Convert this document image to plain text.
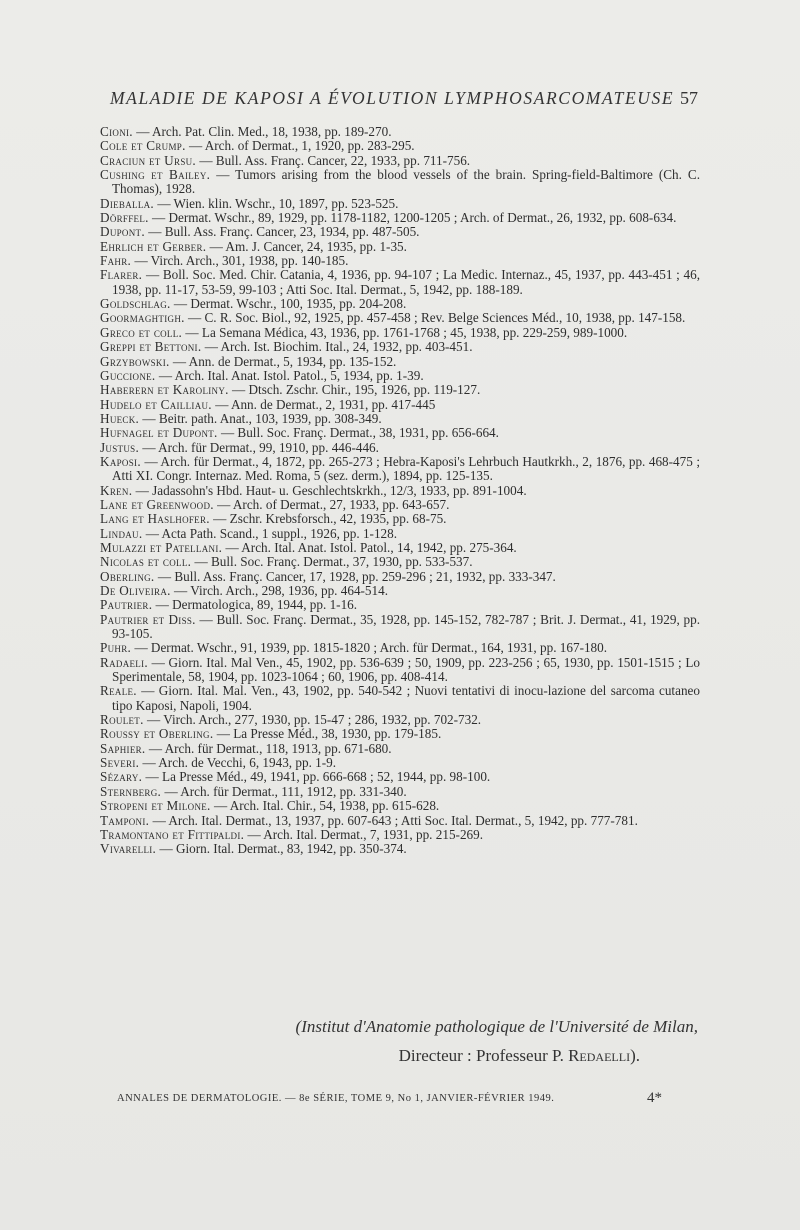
MALADIE DE KAPOSI A ÉVOLUTION LYMPHOSARCOMATEUSE 57
Cioni. — Arch. Pat. Clin. Med., 18, 1938, pp. 189-270.
Cole et Crump. — Arch. of Dermat., 1, 1920, pp. 283-295.
Craciun et Ursu. — Bull. Ass. Franç. Cancer, 22, 1933, pp. 711-756.
Cushing et Bailey. — Tumors arising from the blood vessels of the brain. Spring-field-Baltimore (Ch. C. Thomas), 1928.
Dieballa. — Wien. klin. Wschr., 10, 1897, pp. 523-525.
Dörffel. — Dermat. Wschr., 89, 1929, pp. 1178-1182, 1200-1205 ; Arch. of Dermat., 26, 1932, pp. 608-634.
Dupont. — Bull. Ass. Franç. Cancer, 23, 1934, pp. 487-505.
Ehrlich et Gerber. — Am. J. Cancer, 24, 1935, pp. 1-35.
Fahr. — Virch. Arch., 301, 1938, pp. 140-185.
Flarer. — Boll. Soc. Med. Chir. Catania, 4, 1936, pp. 94-107 ; La Medic. Internaz., 45, 1937, pp. 443-451 ; 46, 1938, pp. 11-17, 53-59, 99-103 ; Atti Soc. Ital. Dermat., 5, 1942, pp. 188-189.
Goldschlag. — Dermat. Wschr., 100, 1935, pp. 204-208.
Goormaghtigh. — C. R. Soc. Biol., 92, 1925, pp. 457-458 ; Rev. Belge Sciences Méd., 10, 1938, pp. 147-158.
Greco et coll. — La Semana Médica, 43, 1936, pp. 1761-1768 ; 45, 1938, pp. 229-259, 989-1000.
Greppi et Bettoni. — Arch. Ist. Biochim. Ital., 24, 1932, pp. 403-451.
Grzybowski. — Ann. de Dermat., 5, 1934, pp. 135-152.
Guccione. — Arch. Ital. Anat. Istol. Patol., 5, 1934, pp. 1-39.
Haberern et Karoliny. — Dtsch. Zschr. Chir., 195, 1926, pp. 119-127.
Hudelo et Cailliau. — Ann. de Dermat., 2, 1931, pp. 417-445
Hueck. — Beitr. path. Anat., 103, 1939, pp. 308-349.
Hufnagel et Dupont. — Bull. Soc. Franç. Dermat., 38, 1931, pp. 656-664.
Justus. — Arch. für Dermat., 99, 1910, pp. 446-446.
Kaposi. — Arch. für Dermat., 4, 1872, pp. 265-273 ; Hebra-Kaposi's Lehrbuch Hautkrkh., 2, 1876, pp. 468-475 ; Atti XI. Congr. Internaz. Med. Roma, 5 (sez. derm.), 1894, pp. 125-135.
Kren. — Jadassohn's Hbd. Haut- u. Geschlechtskrkh., 12/3, 1933, pp. 891-1004.
Lane et Greenwood. — Arch. of Dermat., 27, 1933, pp. 643-657.
Lang et Haslhofer. — Zschr. Krebsforsch., 42, 1935, pp. 68-75.
Lindau. — Acta Path. Scand., 1 suppl., 1926, pp. 1-128.
Mulazzi et Patellani. — Arch. Ital. Anat. Istol. Patol., 14, 1942, pp. 275-364.
Nicolas et coll. — Bull. Soc. Franç. Dermat., 37, 1930, pp. 533-537.
Oberling. — Bull. Ass. Franç. Cancer, 17, 1928, pp. 259-296 ; 21, 1932, pp. 333-347.
De Oliveira. — Virch. Arch., 298, 1936, pp. 464-514.
Pautrier. — Dermatologica, 89, 1944, pp. 1-16.
Pautrier et Diss. — Bull. Soc. Franç. Dermat., 35, 1928, pp. 145-152, 782-787 ; Brit. J. Dermat., 41, 1929, pp. 93-105.
Puhr. — Dermat. Wschr., 91, 1939, pp. 1815-1820 ; Arch. für Dermat., 164, 1931, pp. 167-180.
Radaeli. — Giorn. Ital. Mal Ven., 45, 1902, pp. 536-639 ; 50, 1909, pp. 223-256 ; 65, 1930, pp. 1501-1515 ; Lo Sperimentale, 58, 1904, pp. 1023-1064 ; 60, 1906, pp. 408-414.
Reale. — Giorn. Ital. Mal. Ven., 43, 1902, pp. 540-542 ; Nuovi tentativi di inocu-lazione del sarcoma cutaneo tipo Kaposi, Napoli, 1904.
Roulet. — Virch. Arch., 277, 1930, pp. 15-47 ; 286, 1932, pp. 702-732.
Roussy et Oberling. — La Presse Méd., 38, 1930, pp. 179-185.
Saphier. — Arch. für Dermat., 118, 1913, pp. 671-680.
Severi. — Arch. de Vecchi, 6, 1943, pp. 1-9.
Sézary. — La Presse Méd., 49, 1941, pp. 666-668 ; 52, 1944, pp. 98-100.
Sternberg. — Arch. für Dermat., 111, 1912, pp. 331-340.
Stropeni et Milone. — Arch. Ital. Chir., 54, 1938, pp. 615-628.
Tamponi. — Arch. Ital. Dermat., 13, 1937, pp. 607-643 ; Atti Soc. Ital. Dermat., 5, 1942, pp. 777-781.
Tramontano et Fittipaldi. — Arch. Ital. Dermat., 7, 1931, pp. 215-269.
Vivarelli. — Giorn. Ital. Dermat., 83, 1942, pp. 350-374.
(Institut d'Anatomie pathologique de l'Université de Milan,
Directeur : Professeur P. Redaelli).
ANNALES DE DERMATOLOGIE. — 8e SÉRIE, TOME 9, No 1, JANVIER-FÉVRIER 1949.	4*
